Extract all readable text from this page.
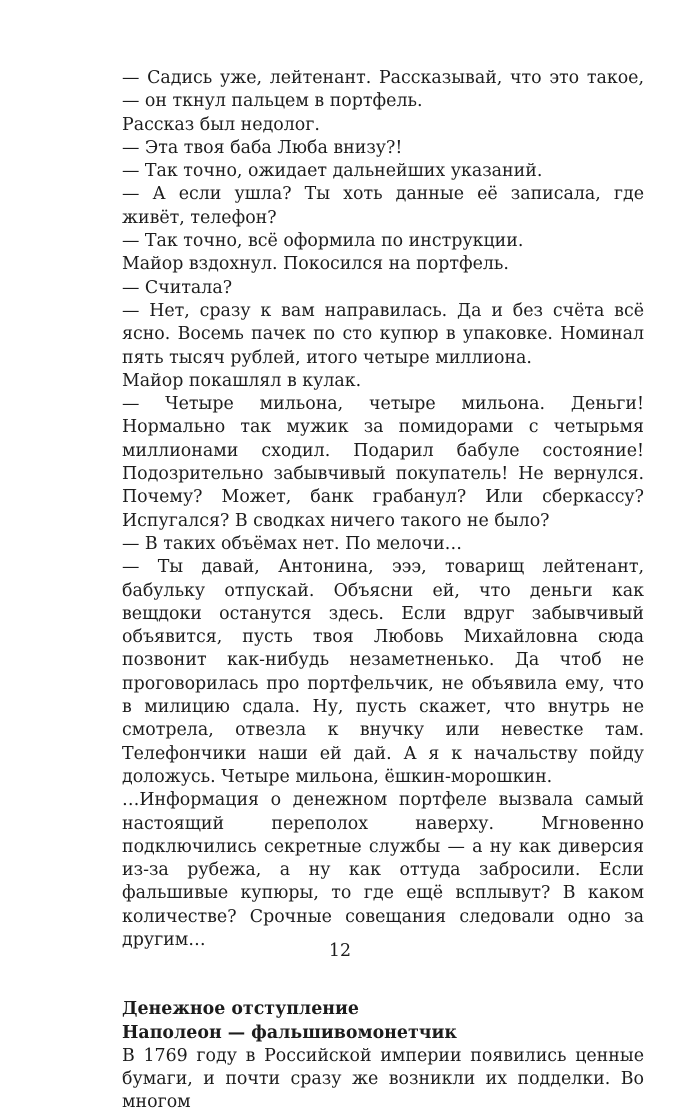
— Садись уже, лейтенант. Рассказывай, что это такое, — он ткнул пальцем в портфель.

Рассказ был недолог.

— Эта твоя баба Люба внизу?!

— Так точно, ожидает дальнейших указаний.

— А если ушла? Ты хоть данные её записала, где живёт, телефон?

— Так точно, всё оформила по инструкции.

Майор вздохнул. Покосился на портфель.

— Считала?

— Нет, сразу к вам направилась. Да и без счёта всё ясно. Восемь пачек по сто купюр в упаковке. Номинал пять тысяч рублей, итого четыре миллиона.

Майор покашлял в кулак.

— Четыре мильона, четыре мильона. Деньги! Нормально так мужик за помидорами с четырьмя миллионами сходил. Подарил бабуле состояние! Подозрительно забывчивый покупатель! Не вернулся. Почему? Может, банк грабанул? Или сберкассу? Испугался? В сводках ничего такого не было?

— В таких объёмах нет. По мелочи…

— Ты давай, Антонина, эээ, товарищ лейтенант, бабульку отпускай. Объясни ей, что деньги как вещдоки останутся здесь. Если вдруг забывчивый объявится, пусть твоя Любовь Михайловна сюда позвонит как-нибудь незаметненько. Да чтоб не проговорилась про портфельчик, не объявила ему, что в милицию сдала. Ну, пусть скажет, что внутрь не смотрела, отвезла к внучку или невестке там. Телефончики наши ей дай. А я к начальству пойду доложусь. Четыре мильона, ёшкин-морошкин.

…Информация о денежном портфеле вызвала самый настоящий переполох наверху. Мгновенно подключились секретные службы — а ну как диверсия из-за рубежа, а ну как оттуда забросили. Если фальшивые купюры, то где ещё всплывут? В каком количестве? Срочные совещания следовали одно за другим…

Денежное отступление

Наполеон — фальшивомонетчик

В 1769 году в Российской империи появились ценные бумаги, и почти сразу же возникли их подделки. Во многом

12
